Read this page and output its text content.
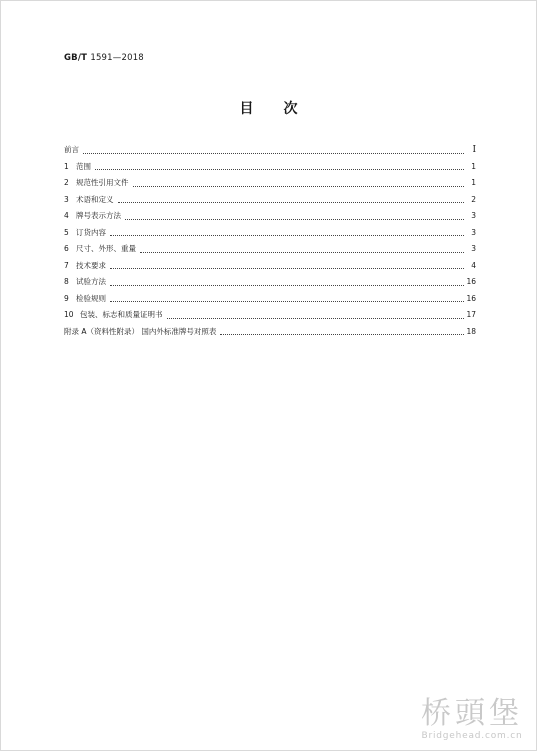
GB/T 1591—2018
目 次
前言	Ⅰ
1 范围	1
2 规范性引用文件	1
3 术语和定义	2
4 牌号表示方法	3
5 订货内容	3
6 尺寸、外形、重量	3
7 技术要求	4
8 试验方法	16
9 检验规则	16
10 包装、标志和质量证明书	17
附录 A（资料性附录） 国内外标准牌号对照表	18
桥頭堡
Bridgehead.com.cn
